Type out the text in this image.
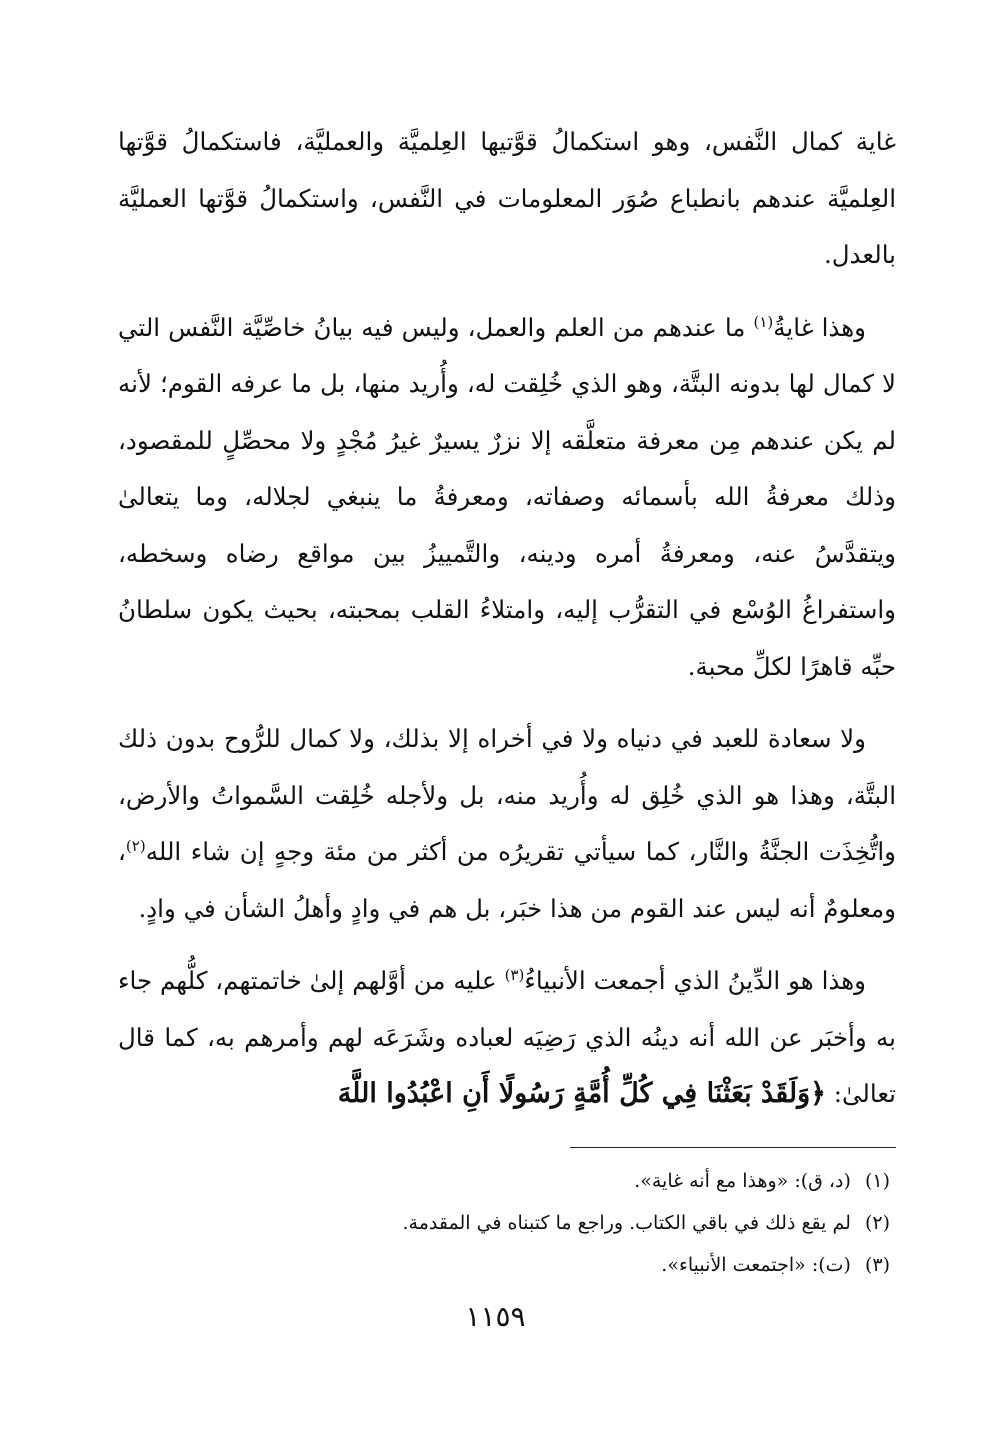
غاية كمال النَّفس، وهو استكمالُ قوَّتيها العِلميَّة والعمليَّة، فاستكمالُ قوَّتها العِلميَّة عندهم بانطباع صُوَر المعلومات في النَّفس، واستكمالُ قوَّتها العمليَّة بالعدل.

وهذا غايةُ$^{(١)}$ ما عندهم من العلم والعمل، وليس فيه بيانُ خاصِّيَّة النَّفس التي لا كمال لها بدونه البتَّة، وهو الذي خُلِقت له، وأُريد منها، بل ما عرفه القوم؛ لأنه لم يكن عندهم مِن معرفة متعلَّقه إلا نزرٌ يسيرٌ غيرُ مُجْدٍ ولا محصِّلٍ للمقصود، وذلك معرفةُ الله بأسمائه وصفاته، ومعرفةُ ما ينبغي لجلاله، وما يتعالىٰ ويتقدَّسُ عنه، ومعرفةُ أمره ودينه، والتَّمييزُ بين مواقع رضاه وسخطه، واستفراغُ الوُسْع في التقرُّب إليه، وامتلاءُ القلب بمحبته، بحيث يكون سلطانُ حبِّه قاهرًا لكلِّ محبة.

ولا سعادة للعبد في دنياه ولا في أخراه إلا بذلك، ولا كمال للرُّوح بدون ذلك البتَّة، وهذا هو الذي خُلِق له وأُريد منه، بل ولأجله خُلِقت السَّمواتُ والأرض، واتُّخِذَت الجنَّةُ والنَّار، كما سيأتي تقريرُه من أكثر من مئة وجهٍ إن شاء الله$^{(٢)}$، ومعلومٌ أنه ليس عند القوم من هذا خبَر، بل هم في وادٍ وأهلُ الشأن في وادٍ.

وهذا هو الدِّينُ الذي أجمعت الأنبياءُ$^{(٣)}$ عليه من أوَّلهم إلىٰ خاتمتهم، كلُّهم جاء به وأخبَر عن الله أنه دينُه الذي رَضِيَه لعباده وشَرَعَه لهم وأمرهم به، كما قال تعالىٰ: ﴿وَلَقَدْ بَعَثْنَا فِي كُلِّ أُمَّةٍ رَسُولًا أَنِ اعْبُدُوا اللَّهَ

(١)(د، ق): «وهذا مع أنه غاية».

(٢)لم يقع ذلك في باقي الكتاب. وراجع ما كتبناه في المقدمة.

(٣)(ت): «اجتمعت الأنبياء».

١١٥٩
